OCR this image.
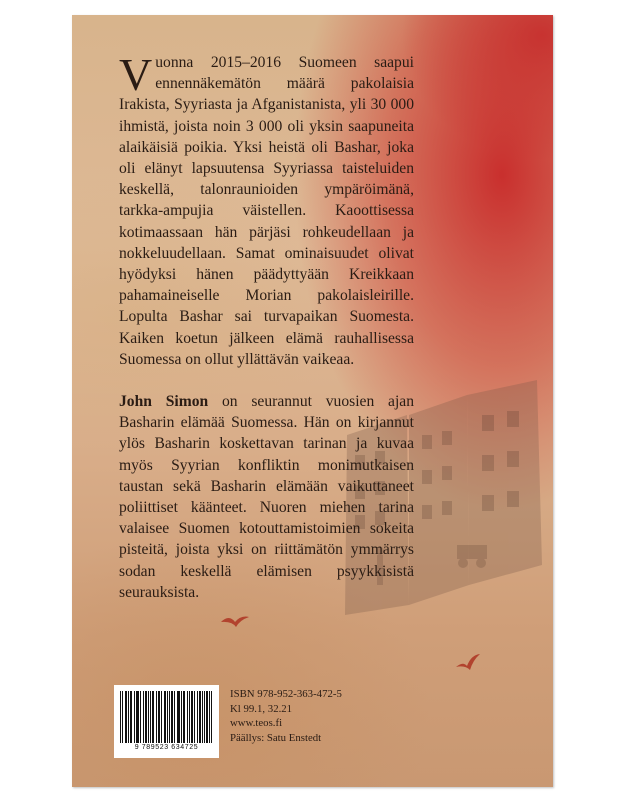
Vuonna 2015–2016 Suomeen saapui ennennäkemätön määrä pakolaisia Irakista, Syyriasta ja Afganistanista, yli 30 000 ihmistä, joista noin 3 000 oli yksin saapuneita alaikäisiä poikia. Yksi heistä oli Bashar, joka oli elänyt lapsuutensa Syyriassa taisteluiden keskellä, talonraunioiden ympäröimänä, tarkka-ampujia väistellen. Kaoottisessa kotimaassaan hän pärjäsi rohkeudellaan ja nokkeluudellaan. Samat ominaisuudet olivat hyödyksi hänen päädyttyään Kreikkaan pahamaineiselle Morian pakolaisleirille. Lopulta Bashar sai turvapaikan Suomesta. Kaiken koetun jälkeen elämä rauhallisessa Suomessa on ollut yllättävän vaikeaa.

John Simon on seurannut vuosien ajan Basharin elämää Suomessa. Hän on kirjannut ylös Basharin koskettavan tarinan ja kuvaa myös Syyrian konfliktin monimutkaisen taustan sekä Basharin elämään vaikuttaneet poliittiset käänteet. Nuoren miehen tarina valaisee Suomen kotouttamistoimien sokeita pisteitä, joista yksi on riittämätön ymmärrys sodan keskellä elämisen psyykkisistä seurauksista.

9 789523 634725
ISBN 978-952-363-472-5
Kl 99.1, 32.21
www.teos.fi
Päällys: Satu Enstedt
